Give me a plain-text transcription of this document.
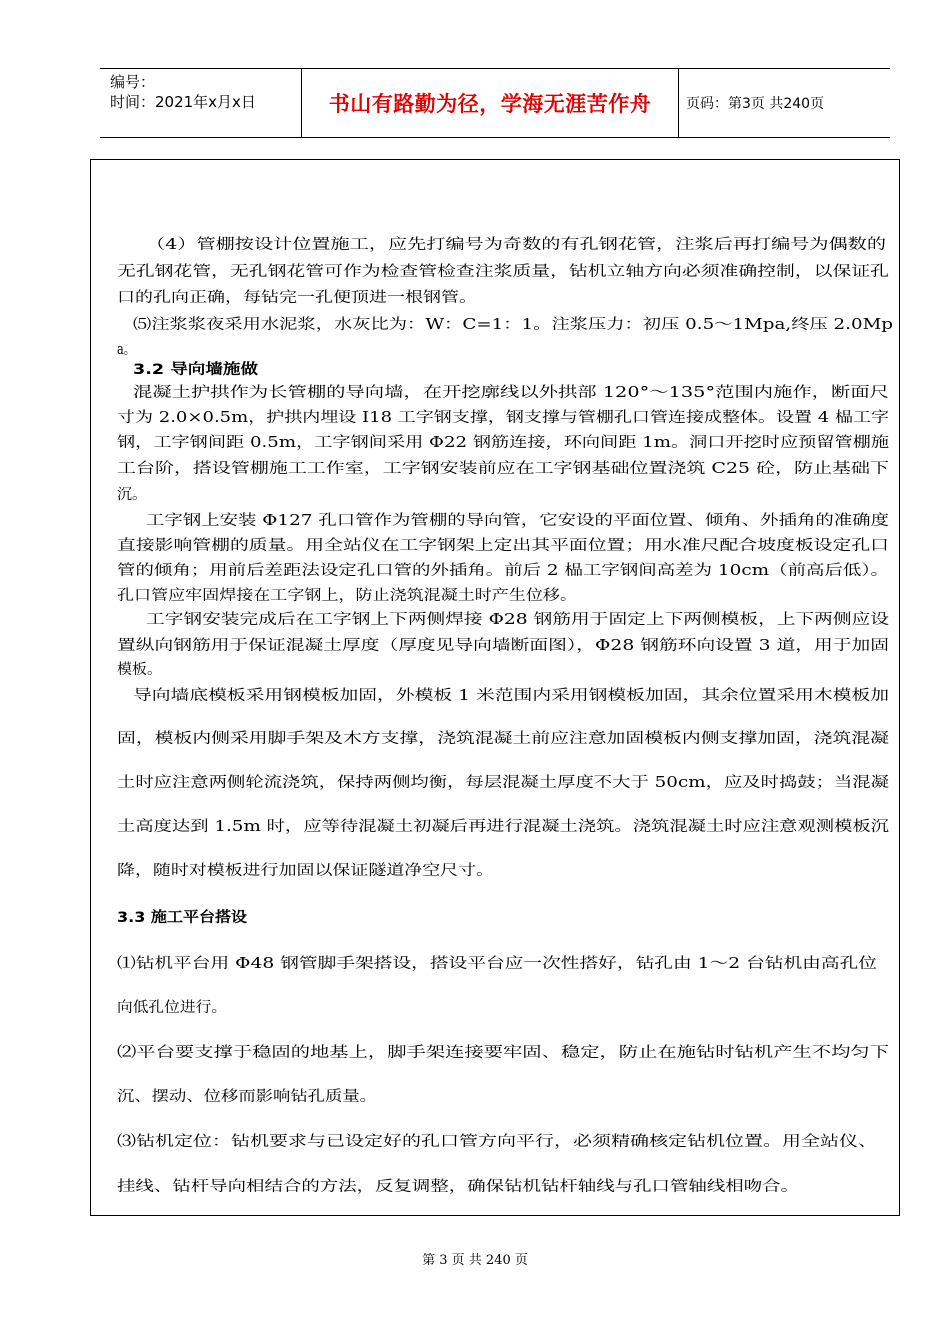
编号：
时间：2021年x月x日	书山有路勤为径，学海无涯苦作舟 页码：第3页 共240页
（4）管棚按设计位置施工，应先打编号为奇数的有孔钢花管，注浆后再打编号为偶数的
无孔钢花管，无孔钢花管可作为检查管检查注浆质量，钻机立轴方向必须准确控制，以保证孔
口的孔向正确，每钻完一孔便顶进一根钢管。
⑸注浆浆夜采用水泥浆，水灰比为：W：C=1：1。注浆压力：初压 0.5～1Mpa,终压 2.0Mp
a。
3.2 导向墙施做
混凝土护拱作为长管棚的导向墙，在开挖廓线以外拱部 120°～135°范围内施作，断面尺
寸为 2.0×0.5m，护拱内埋设 I18 工字钢支撑，钢支撑与管棚孔口管连接成整体。设置 4 榀工字
钢，工字钢间距 0.5m，工字钢间采用 Φ22 钢筋连接，环向间距 1m。洞口开挖时应预留管棚施
工台阶，搭设管棚施工工作室，工字钢安装前应在工字钢基础位置浇筑 C25 砼，防止基础下
沉。
工字钢上安装 Φ127 孔口管作为管棚的导向管，它安设的平面位置、倾角、外插角的准确度
直接影响管棚的质量。用全站仪在工字钢架上定出其平面位置；用水准尺配合坡度板设定孔口
管的倾角；用前后差距法设定孔口管的外插角。前后 2 榀工字钢间高差为 10cm（前高后低）。
孔口管应牢固焊接在工字钢上，防止浇筑混凝土时产生位移。
工字钢安装完成后在工字钢上下两侧焊接 Φ28 钢筋用于固定上下两侧模板，上下两侧应设
置纵向钢筋用于保证混凝土厚度（厚度见导向墙断面图），Φ28 钢筋环向设置 3 道，用于加固
模板。
导向墙底模板采用钢模板加固，外模板 1 米范围内采用钢模板加固，其余位置采用木模板加
固，模板内侧采用脚手架及木方支撑，浇筑混凝土前应注意加固模板内侧支撑加固，浇筑混凝
土时应注意两侧轮流浇筑，保持两侧均衡，每层混凝土厚度不大于 50cm，应及时捣鼓；当混凝
土高度达到 1.5m 时，应等待混凝土初凝后再进行混凝土浇筑。浇筑混凝土时应注意观测模板沉
降，随时对模板进行加固以保证隧道净空尺寸。
3.3 施工平台搭设
⑴钻机平台用 Φ48 钢管脚手架搭设，搭设平台应一次性搭好，钻孔由 1～2 台钻机由高孔位
向低孔位进行。
⑵平台要支撑于稳固的地基上，脚手架连接要牢固、稳定，防止在施钻时钻机产生不均匀下
沉、摆动、位移而影响钻孔质量。
⑶钻机定位：钻机要求与已设定好的孔口管方向平行，必须精确核定钻机位置。用全站仪、
挂线、钻杆导向相结合的方法，反复调整，确保钻机钻杆轴线与孔口管轴线相吻合。
第 3 页 共 240 页
